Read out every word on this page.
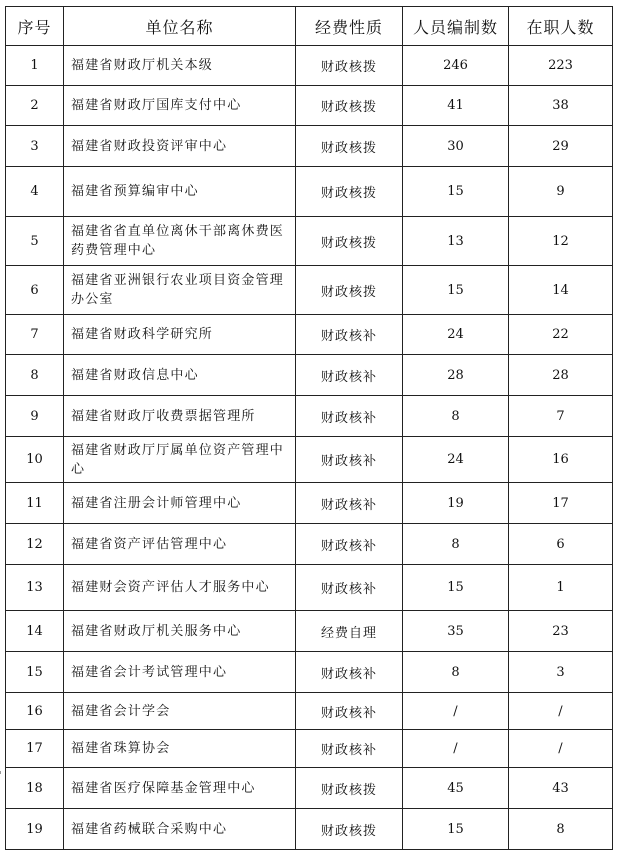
序号	单位名称	经费性质	人员编制数	在职人数
1	福建省财政厅机关本级	财政核拨	246	223
2	福建省财政厅国库支付中心	财政核拨	41	38
3	福建省财政投资评审中心	财政核拨	30	29
4	福建省预算编审中心	财政核拨	15	9
5	福建省省直单位离休干部离休费医药费管理中心	财政核拨	13	12
6	福建省亚洲银行农业项目资金管理办公室	财政核拨	15	14
7	福建省财政科学研究所	财政核补	24	22
8	福建省财政信息中心	财政核补	28	28
9	福建省财政厅收费票据管理所	财政核补	8	7
10	福建省财政厅厅属单位资产管理中心	财政核补	24	16
11	福建省注册会计师管理中心	财政核补	19	17
12	福建省资产评估管理中心	财政核补	8	6
13	福建财会资产评估人才服务中心	财政核补	15	1
14	福建省财政厅机关服务中心	经费自理	35	23
15	福建省会计考试管理中心	财政核补	8	3
16	福建省会计学会	财政核补	/	/
17	福建省珠算协会	财政核补	/	/
18	福建省医疗保障基金管理中心	财政核拨	45	43
19	福建省药械联合采购中心	财政核拨	15	8
